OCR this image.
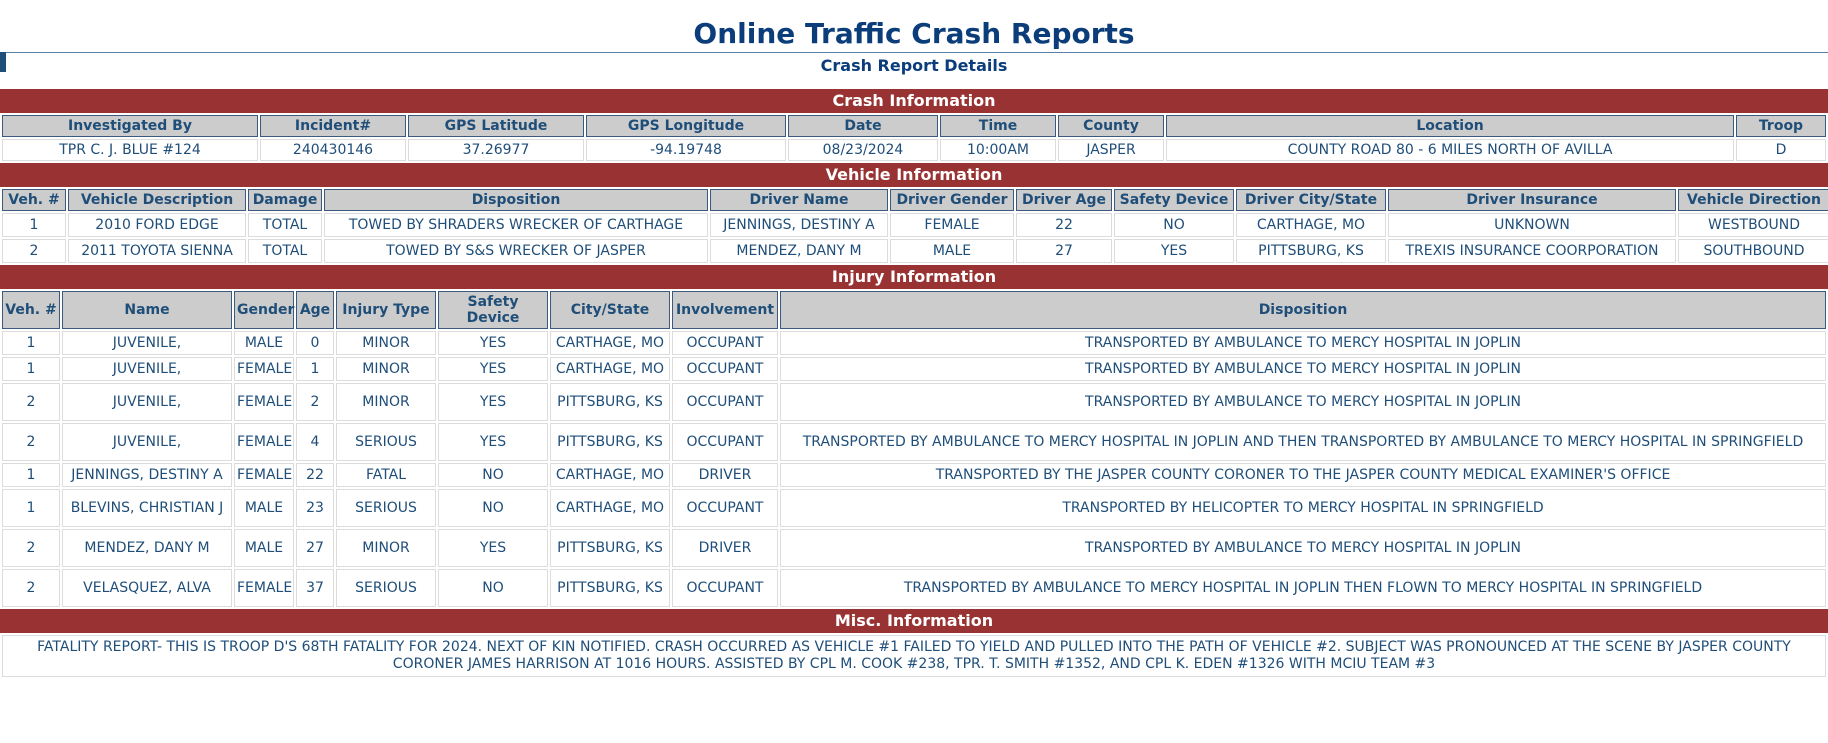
Online Traffic Crash Reports
Crash Report Details
Crash Information
Investigated By	Incident#	GPS Latitude	GPS Longitude	Date	Time	County	Location	Troop
TPR C. J. BLUE #124	240430146	37.26977	-94.19748	08/23/2024	10:00AM	JASPER	COUNTY ROAD 80 - 6 MILES NORTH OF AVILLA	D
Vehicle Information
Veh. #	Vehicle Description	Damage	Disposition	Driver Name	Driver Gender	Driver Age	Safety Device	Driver City/State	Driver Insurance	Vehicle Direction
1	2010 FORD EDGE	TOTAL	TOWED BY SHRADERS WRECKER OF CARTHAGE	JENNINGS, DESTINY A	FEMALE	22	NO	CARTHAGE, MO	UNKNOWN	WESTBOUND
2	2011 TOYOTA SIENNA	TOTAL	TOWED BY S&S WRECKER OF JASPER	MENDEZ, DANY M	MALE	27	YES	PITTSBURG, KS	TREXIS INSURANCE COORPORATION	SOUTHBOUND
Injury Information
Veh. #	Name	Gender	Age	Injury Type	Safety Device	City/State	Involvement	Disposition
1	JUVENILE,	MALE	0	MINOR	YES	CARTHAGE, MO	OCCUPANT	TRANSPORTED BY AMBULANCE TO MERCY HOSPITAL IN JOPLIN
1	JUVENILE,	FEMALE	1	MINOR	YES	CARTHAGE, MO	OCCUPANT	TRANSPORTED BY AMBULANCE TO MERCY HOSPITAL IN JOPLIN
2	JUVENILE,	FEMALE	2	MINOR	YES	PITTSBURG, KS	OCCUPANT	TRANSPORTED BY AMBULANCE TO MERCY HOSPITAL IN JOPLIN
2	JUVENILE,	FEMALE	4	SERIOUS	YES	PITTSBURG, KS	OCCUPANT	TRANSPORTED BY AMBULANCE TO MERCY HOSPITAL IN JOPLIN AND THEN TRANSPORTED BY AMBULANCE TO MERCY HOSPITAL IN SPRINGFIELD
1	JENNINGS, DESTINY A	FEMALE	22	FATAL	NO	CARTHAGE, MO	DRIVER	TRANSPORTED BY THE JASPER COUNTY CORONER TO THE JASPER COUNTY MEDICAL EXAMINER'S OFFICE
1	BLEVINS, CHRISTIAN J	MALE	23	SERIOUS	NO	CARTHAGE, MO	OCCUPANT	TRANSPORTED BY HELICOPTER TO MERCY HOSPITAL IN SPRINGFIELD
2	MENDEZ, DANY M	MALE	27	MINOR	YES	PITTSBURG, KS	DRIVER	TRANSPORTED BY AMBULANCE TO MERCY HOSPITAL IN JOPLIN
2	VELASQUEZ, ALVA	FEMALE	37	SERIOUS	NO	PITTSBURG, KS	OCCUPANT	TRANSPORTED BY AMBULANCE TO MERCY HOSPITAL IN JOPLIN THEN FLOWN TO MERCY HOSPITAL IN SPRINGFIELD
Misc. Information
FATALITY REPORT- THIS IS TROOP D'S 68TH FATALITY FOR 2024. NEXT OF KIN NOTIFIED. CRASH OCCURRED AS VEHICLE #1 FAILED TO YIELD AND PULLED INTO THE PATH OF VEHICLE #2. SUBJECT WAS PRONOUNCED AT THE SCENE BY JASPER COUNTY CORONER JAMES HARRISON AT 1016 HOURS. ASSISTED BY CPL M. COOK #238, TPR. T. SMITH #1352, AND CPL K. EDEN #1326 WITH MCIU TEAM #3
